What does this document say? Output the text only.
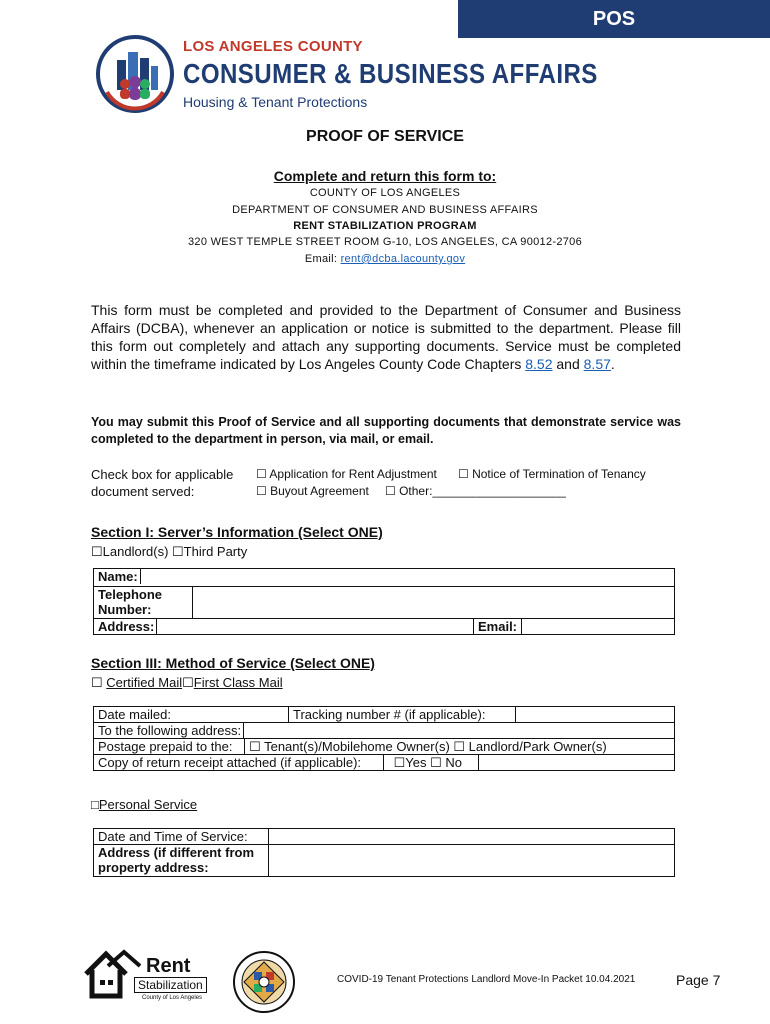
POS
LOS ANGELES COUNTY
CONSUMER & BUSINESS AFFAIRS
Housing & Tenant Protections
PROOF OF SERVICE
Complete and return this form to:
COUNTY OF LOS ANGELES
DEPARTMENT OF CONSUMER AND BUSINESS AFFAIRS
RENT STABILIZATION PROGRAM
320 WEST TEMPLE STREET ROOM G-10, LOS ANGELES, CA 90012-2706
Email: rent@dcba.lacounty.gov
This form must be completed and provided to the Department of Consumer and Business Affairs (DCBA), whenever an application or notice is submitted to the department. Please fill this form out completely and attach any supporting documents. Service must be completed within the timeframe indicated by Los Angeles County Code Chapters 8.52 and 8.57.
You may submit this Proof of Service and all supporting documents that demonstrate service was completed to the department in person, via mail, or email.
Check box for applicable
document served:
☐ Application for Rent Adjustment ☐ Notice of Termination of Tenancy
☐ Buyout Agreement ☐ Other:____________________
Section I: Server’s Information (Select ONE)
☐Landlord(s) ☐Third Party
Name:		

Telephone
Number:		

Address:		Email:
Section III: Method of Service (Select ONE)
☐ Certified Mail☐First Class Mail
Date mailed:	Tracking number # (if applicable):	
To the following address:
Postage prepaid to the: ☐ Tenant(s)/Mobilehome Owner(s) ☐ Landlord/Park Owner(s)
Copy of return receipt attached (if applicable):	☐Yes ☐ No
□Personal Service
Date and Time of Service:	

Address (if different from
property address:	

Rent
Stabilization
County of Los Angeles
COVID-19 Tenant Protections Landlord Move-In Packet 10.04.2021	Page 7
